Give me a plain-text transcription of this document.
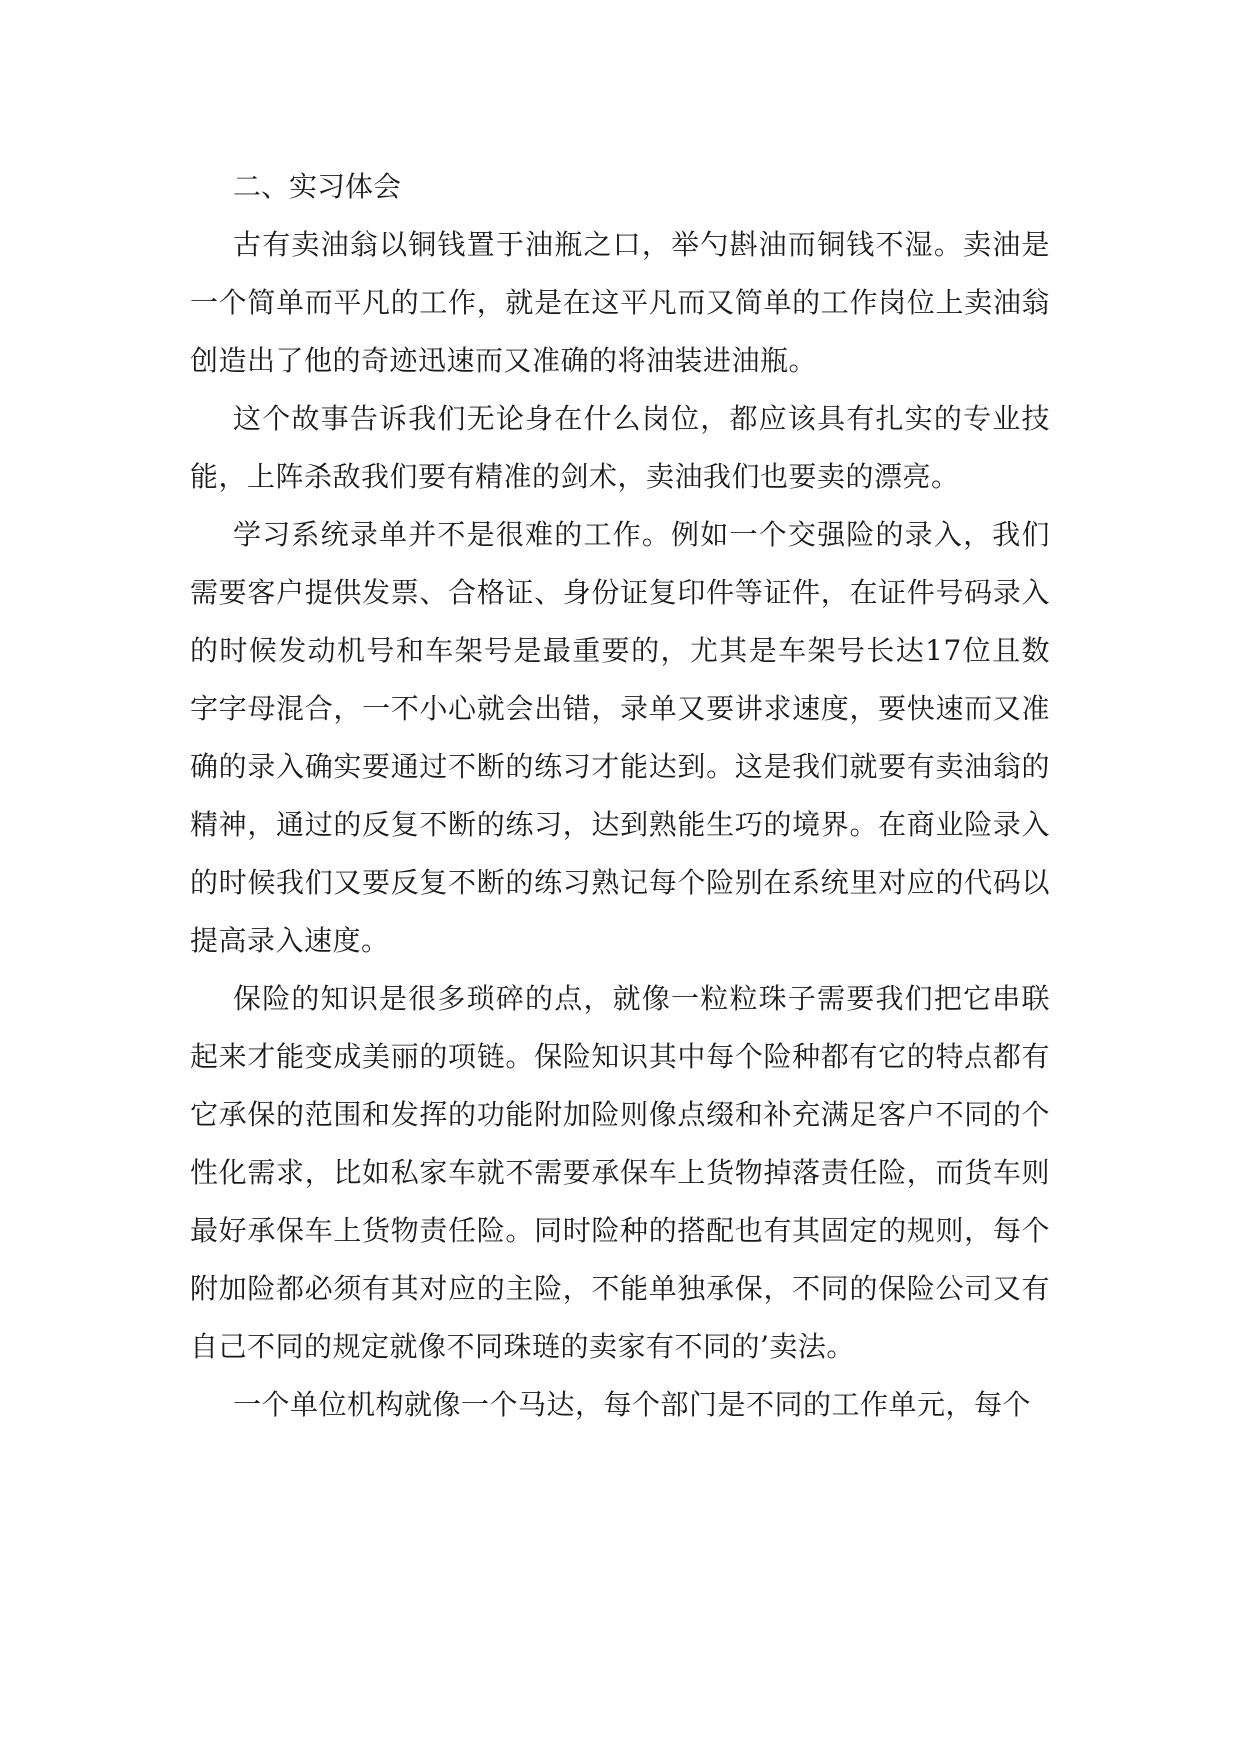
二、实习体会

古有卖油翁以铜钱置于油瓶之口，举勺斟油而铜钱不湿。卖油是一个简单而平凡的工作，就是在这平凡而又简单的工作岗位上卖油翁创造出了他的奇迹迅速而又准确的将油装进油瓶。

这个故事告诉我们无论身在什么岗位，都应该具有扎实的专业技能，上阵杀敌我们要有精准的剑术，卖油我们也要卖的漂亮。

学习系统录单并不是很难的工作。例如一个交强险的录入，我们需要客户提供发票、合格证、身份证复印件等证件，在证件号码录入的时候发动机号和车架号是最重要的，尤其是车架号长达17位且数字字母混合，一不小心就会出错，录单又要讲求速度，要快速而又准确的录入确实要通过不断的练习才能达到。这是我们就要有卖油翁的精神，通过的反复不断的练习，达到熟能生巧的境界。在商业险录入的时候我们又要反复不断的练习熟记每个险别在系统里对应的代码以提高录入速度。

保险的知识是很多琐碎的点，就像一粒粒珠子需要我们把它串联起来才能变成美丽的项链。保险知识其中每个险种都有它的特点都有它承保的范围和发挥的功能附加险则像点缀和补充满足客户不同的个性化需求，比如私家车就不需要承保车上货物掉落责任险，而货车则最好承保车上货物责任险。同时险种的搭配也有其固定的规则，每个附加险都必须有其对应的主险，不能单独承保，不同的保险公司又有自己不同的规定就像不同珠琏的卖家有不同的’卖法。

一个单位机构就像一个马达，每个部门是不同的工作单元，每个
